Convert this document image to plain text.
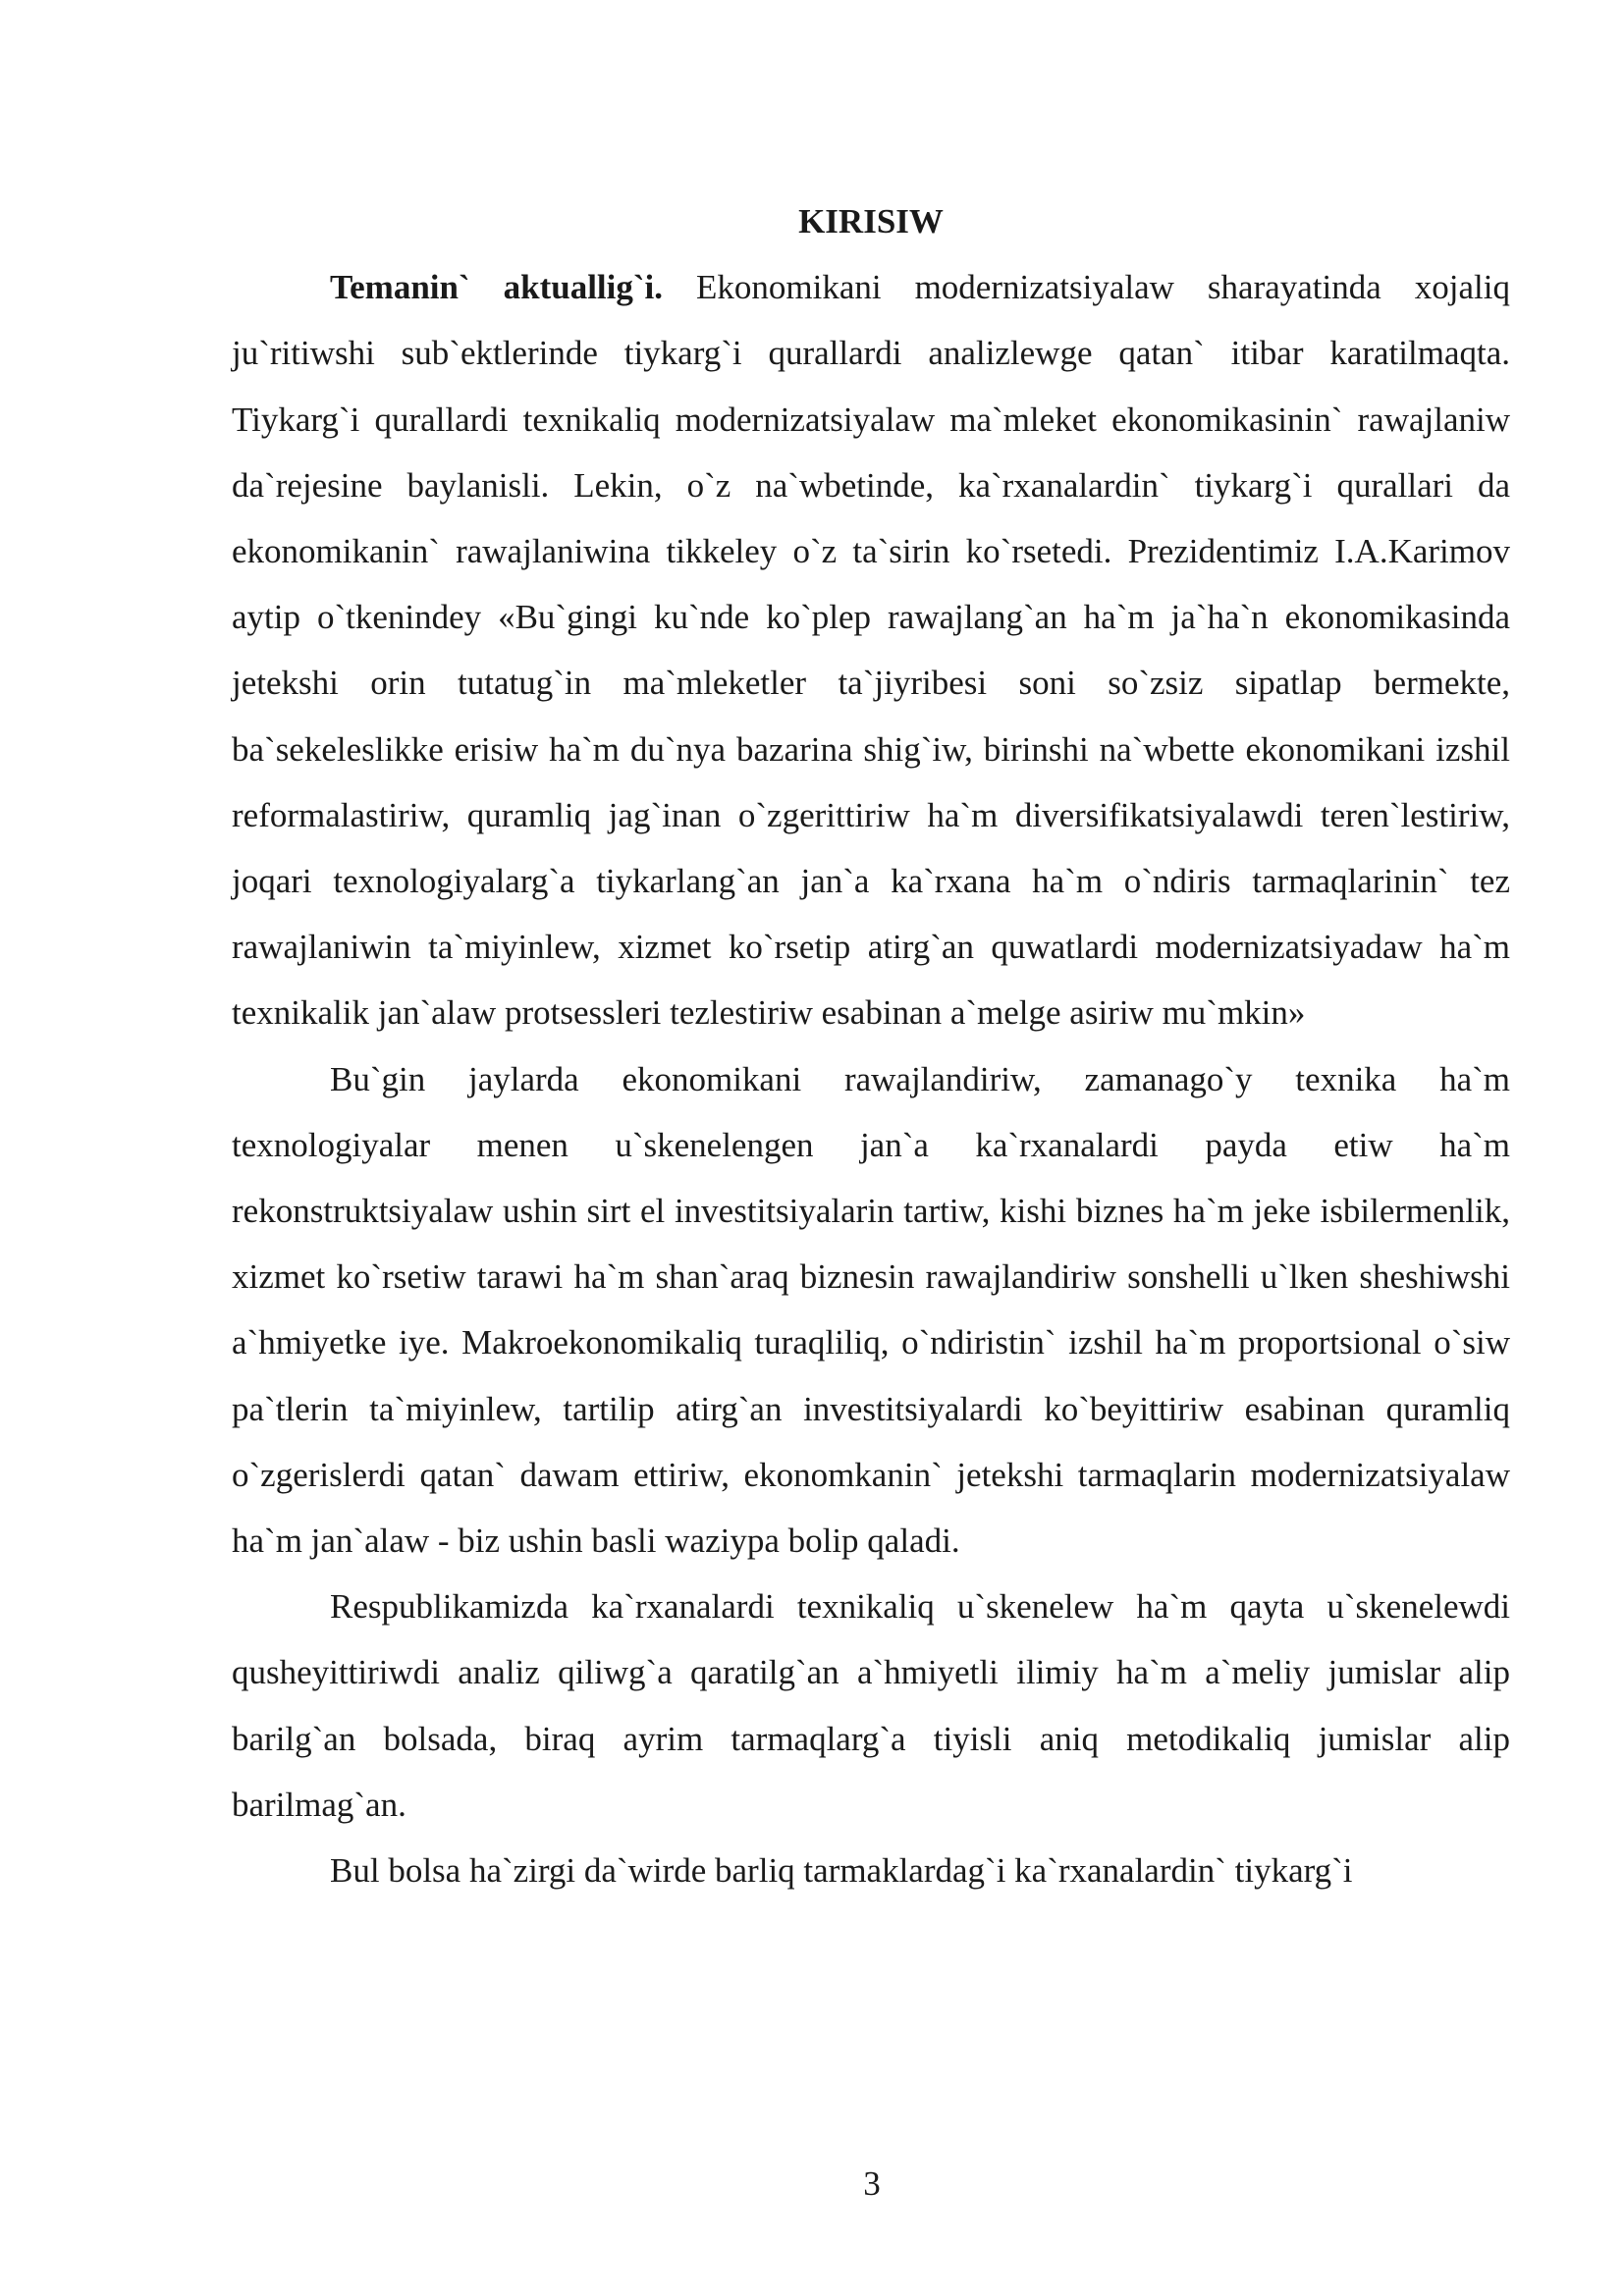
KIRISIW

Temanin` aktuallig`i. Ekonomikani modernizatsiyalaw sharayatinda xojaliq ju`ritiwshi sub`ektlerinde tiykarg`i qurallardi analizlewge qatan` itibar karatilmaqta. Tiykarg`i qurallardi texnikaliq modernizatsiyalaw ma`mleket ekonomikasinin` rawajlaniw da`rejesine baylanisli. Lekin, o`z na`wbetinde, ka`rxanalardin` tiykarg`i qurallari da ekonomikanin` rawajlaniwina tikkeley o`z ta`sirin ko`rsetedi. Prezidentimiz I.A.Karimov aytip o`tkenindey «Bu`gingi ku`nde ko`plep rawajlang`an ha`m ja`ha`n ekonomikasinda jetekshi orin tutatug`in ma`mleketler ta`jiyribesi soni so`zsiz sipatlap bermekte, ba`sekeleslikke erisiw ha`m du`nya bazarina shig`iw, birinshi na`wbette ekonomikani izshil reformalastiriw, quramliq jag`inan o`zgerittiriw ha`m diversifikatsiyalawdi teren`lestiriw, joqari texnologiyalarg`a tiykarlang`an jan`a ka`rxana ha`m o`ndiris tarmaqlarinin` tez rawajlaniwin ta`miyinlew, xizmet ko`rsetip atirg`an quwatlardi modernizatsiyadaw ha`m texnikalik jan`alaw protsessleri tezlestiriw esabinan a`melge asiriw mu`mkin»

Bu`gin jaylarda ekonomikani rawajlandiriw, zamanago`y texnika ha`m texnologiyalar menen u`skenelengen jan`a ka`rxanalardi payda etiw ha`m rekonstruktsiyalaw ushin sirt el investitsiyalarin tartiw, kishi biznes ha`m jeke isbilermenlik, xizmet ko`rsetiw tarawi ha`m shan`araq biznesin rawajlandiriw sonshelli u`lken sheshiwshi a`hmiyetke iye. Makroekonomikaliq turaqliliq, o`ndiristin` izshil ha`m proportsional o`siw pa`tlerin ta`miyinlew, tartilip atirg`an investitsiyalardi ko`beyittiriw esabinan quramliq o`zgerislerdi qatan` dawam ettiriw, ekonomkanin` jetekshi tarmaqlarin modernizatsiyalaw ha`m jan`alaw - biz ushin basli waziypa bolip qaladi.

Respublikamizda ka`rxanalardi texnikaliq u`skenelew ha`m qayta u`skenelewdi qusheyittiriwdi analiz qiliwg`a qaratilg`an a`hmiyetli ilimiy ha`m a`meliy jumislar alip barilg`an bolsada, biraq ayrim tarmaqlarg`a tiyisli aniq metodikaliq jumislar alip barilmag`an.

Bul bolsa ha`zirgi da`wirde barliq tarmaklardag`i ka`rxanalardin` tiykarg`i

3
